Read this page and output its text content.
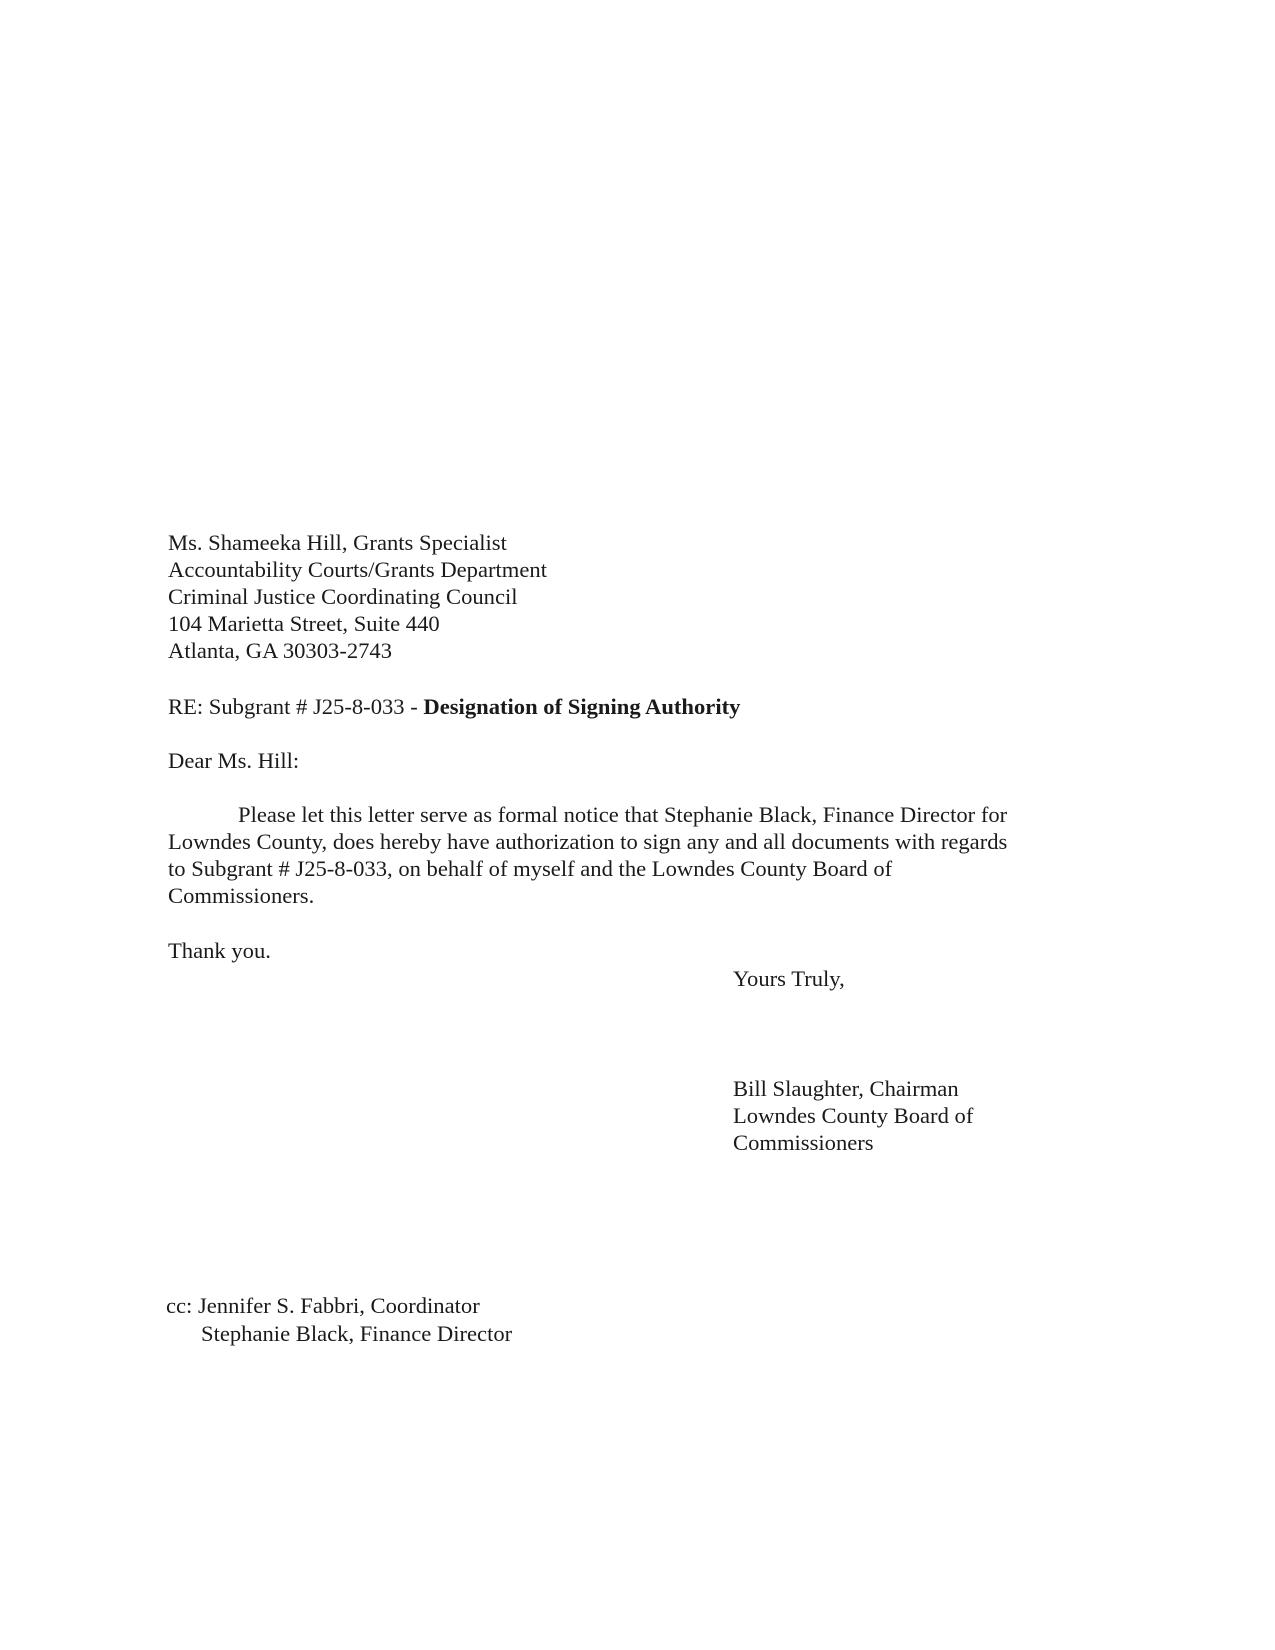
Ms. Shameeka Hill, Grants Specialist
Accountability Courts/Grants Department
Criminal Justice Coordinating Council
104 Marietta Street, Suite 440
Atlanta, GA 30303-2743
RE: Subgrant # J25-8-033 - Designation of Signing Authority
Dear Ms. Hill:
Please let this letter serve as formal notice that Stephanie Black, Finance Director for
Lowndes County, does hereby have authorization to sign any and all documents with regards
to Subgrant # J25-8-033, on behalf of myself and the Lowndes County Board of
Commissioners.
Thank you.
Yours Truly,
Bill Slaughter, Chairman
Lowndes County Board of
Commissioners
cc: Jennifer S. Fabbri, Coordinator
Stephanie Black, Finance Director
